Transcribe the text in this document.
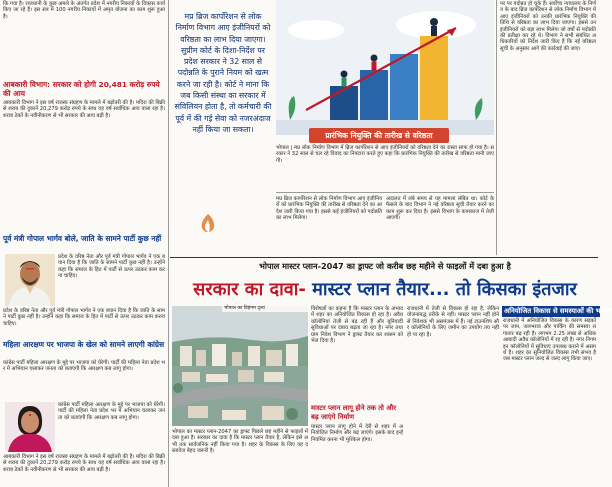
कि गया है। राजधानी के कुछ अमले के अंतर्गत प्रदेश में नगरीय निकायों के विकास कार्य किए जा रहे हैं। इस सत्र में 100 नगरीय निकायों में अमृत योजना का काम शुरू हुआ है।
आबकारी विभाग: सरकार को होगी 20,481 करोड़ रुपये की आय
आबकारी विभाग ने इस वर्ष राजस्व संग्रहण के मामले में बढ़ोतरी की है। मदिरा की बिक्री से शराब की दुकानें 20,279 करोड़ रुपये के साथ यह वर्ष सर्वाधिक आय वाला रहा है। शराब ठेकों के नवीनीकरण से भी सरकार की आय बढ़ी है।
पूर्व मंत्री गोपाल भार्गव बोले, जाति के सामने पार्टी कुछ नहीं
प्रदेश के वरिष्ठ नेता और पूर्व मंत्री गोपाल भार्गव ने एक बयान दिया है कि जाति के सामने पार्टी कुछ नहीं है। उन्होंने कहा कि समाज के हित में पार्टी से ऊपर उठकर काम करना चाहिए।
प्रदेश के वरिष्ठ नेता और पूर्व मंत्री गोपाल भार्गव ने एक बयान दिया है कि जाति के सामने पार्टी कुछ नहीं है। उन्होंने कहा कि समाज के हित में पार्टी से ऊपर उठकर काम करना चाहिए।
महिला आरक्षण पर भाजपा के खेल को सामने लाएगी कांग्रेस
कांग्रेस पार्टी महिला आरक्षण के मुद्दे पर भाजपा को घेरेगी। पार्टी की महिला नेता प्रदेश भर में अभियान चलाकर जनता को बताएंगी कि आरक्षण कब लागू होगा।
कांग्रेस पार्टी महिला आरक्षण के मुद्दे पर भाजपा को घेरेगी। पार्टी की महिला नेता प्रदेश भर में अभियान चलाकर जनता को बताएंगी कि आरक्षण कब लागू होगा।
आबकारी विभाग ने इस वर्ष राजस्व संग्रहण के मामले में बढ़ोतरी की है। मदिरा की बिक्री से शराब की दुकानें 20,279 करोड़ रुपये के साथ यह वर्ष सर्वाधिक आय वाला रहा है। शराब ठेकों के नवीनीकरण से भी सरकार की आय बढ़ी है।
मप्र ब्रिज कार्पोरेशन से लोक निर्माण विभाग आए इंजीनियरों को वरिष्ठता का लाभ दिया जाएगा। सुप्रीम कोर्ट के दिशा-निर्देश पर प्रदेश सरकार ने 32 साल से पदोन्नति के पुराने नियम को खत्म करने जा रही है। कोर्ट ने माना कि जब किसी संस्था का सरकार में संविलियन होता है, तो कर्मचारी की पूर्व में की गई सेवा को नजरअंदाज नहीं किया जा सकता।
प्रारंभिक नियुक्ति की तारीख से वरिष्ठता
भोपाल | मप्र लोक निर्माण विभाग में ब्रिज कार्पोरेशन से आए इंजीनियरों को वरिष्ठता देने का रास्ता साफ हो गया है। सरकार ने 32 साल से चल रहे विवाद का निपटारा करते हुए कहा कि प्रारंभिक नियुक्ति की तारीख से वरिष्ठता मानी जाएगी।
मप्र ब्रिज कार्पोरेशन से लोक निर्माण विभाग आए इंजीनियरों को प्रारंभिक नियुक्ति की तारीख से वरिष्ठता देने का आदेश जारी किया गया है। इससे कई इंजीनियरों को पदोन्नति का लाभ मिलेगा।
अदालत में लंबे समय से यह मामला लंबित था। कोर्ट के फैसले के बाद विभाग ने नई वरिष्ठता सूची तैयार करने का काम शुरू कर दिया है। इससे विभाग के कामकाज में तेजी आएगी।
पर पर पदोन्नत हो चुके हैं। सर्वोच्च न्यायालय के निर्णय के बाद ब्रिज कार्पोरेशन से लोक निर्माण विभाग में आए इंजीनियरों को उनकी प्रारंभिक नियुक्ति की तिथि से वरिष्ठता का लाभ दिया जाएगा। इससे उन इंजीनियरों को बड़ा लाभ मिलेगा जो वर्षों से पदोन्नति की प्रतीक्षा कर रहे थे। विभाग ने सभी संबंधित अधिकारियों को निर्देश जारी किए हैं कि नई वरिष्ठता सूची के अनुसार आगे की कार्रवाई की जाए।
भोपाल मास्टर प्लान-2047 का ड्राफ्ट जो करीब छह महीने से फाइलों में दबा हुआ है
सरकार का दावा- मास्टर प्लान तैयार... तो किसका इंतजार
भोपाल का विहंगम दृश्य
भोपाल का मास्टर प्लान-2047 का ड्राफ्ट पिछले छह महीने से फाइलों में दबा हुआ है। सरकार का दावा है कि मास्टर प्लान तैयार है, लेकिन इसे अभी तक सार्वजनिक नहीं किया गया है। शहर के विकास के लिए यह दस्तावेज बेहद जरूरी है।
विशेषज्ञों का कहना है कि मास्टर प्लान के अभाव में शहर का अनियोजित विकास हो रहा है। अवैध कॉलोनियां तेजी से बढ़ रही हैं और बुनियादी सुविधाओं पर दबाव बढ़ता जा रहा है। नगर तथा ग्राम निवेश विभाग ने ड्राफ्ट तैयार कर शासन को भेज दिया है।
मास्टर प्लान लागू होने तक तो और बढ़ जाएंगे निर्माण
मास्टर प्लान लागू होने में देरी से शहर में अनियोजित निर्माण और बढ़ जाएंगे। इसके बाद इन्हें नियमित करना भी मुश्किल होगा।
राजधानी में तेजी से विकास हो रहा है, लेकिन योजनाबद्ध तरीके से नहीं। मास्टर प्लान नहीं होने से निवेशक भी असमंजस में हैं। नई टाउनशिप और कॉलोनियों के लिए जमीन का उपयोग तय नहीं हो पा रहा है।
अनियोजित विकास से समस्याओं की भरमार
राजधानी में अनियोजित विकास के कारण सड़कों पर जाम, जलभराव और पार्किंग की समस्या लगातार बढ़ रही है। लगभग 2.25 लाख से अधिक आबादी अवैध कॉलोनियों में रह रही है। नगर निगम इन कॉलोनियों में सुविधाएं उपलब्ध कराने में असमर्थ है। शहर का सुनियोजित विकास तभी संभव है जब मास्टर प्लान जल्द से जल्द लागू किया जाए।
